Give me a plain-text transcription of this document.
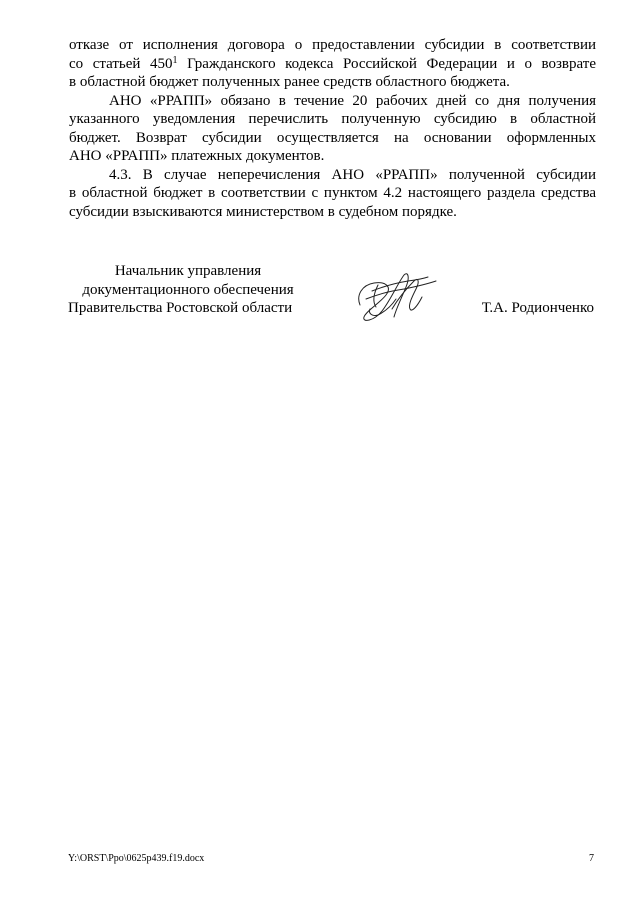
отказе от исполнения договора о предоставлении субсидии в соответствии
со статьей $450^1$ Гражданского кодекса Российской Федерации и о возврате
в областной бюджет полученных ранее средств областного бюджета.

АНО «РРАПП» обязано в течение 20 рабочих дней со дня получения
указанного уведомления перечислить полученную субсидию в областной
бюджет. Возврат субсидии осуществляется на основании оформленных
АНО «РРАПП» платежных документов.

4.3. В случае неперечисления АНО «РРАПП» полученной субсидии
в областной бюджет в соответствии с пунктом 4.2 настоящего раздела средства
субсидии взыскиваются министерством в судебном порядке.

Начальник управления
документационного обеспечения
Правительства Ростовской области	Т.А. Родионченко
Y:\ORST\Ppo\0625p439.f19.docx	7
